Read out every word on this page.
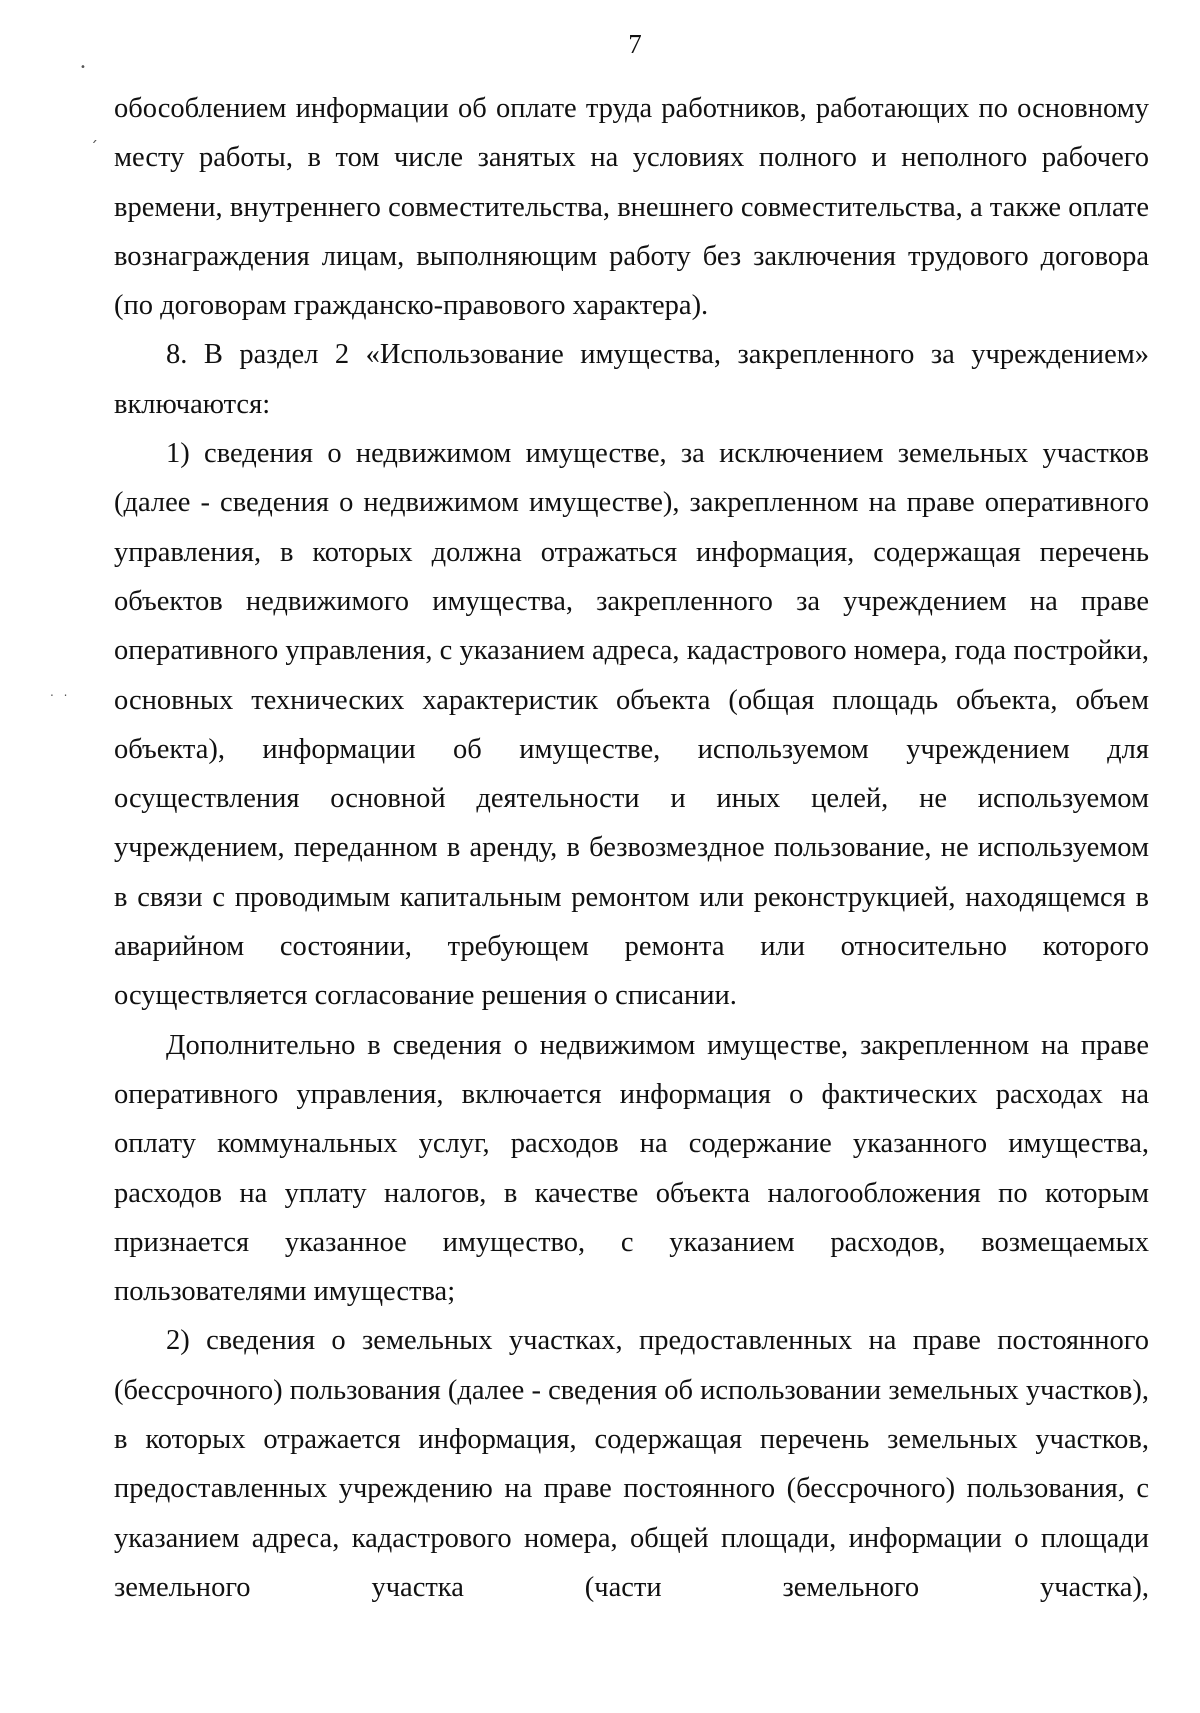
7
•
ˊ
. .

обособлением информации об оплате труда работников, работающих по основному месту работы, в том числе занятых на условиях полного и неполного рабочего времени, внутреннего совместительства, внешнего совместительства, а также оплате вознаграждения лицам, выполняющим работу без заключения трудового договора (по договорам гражданско-правового характера).

8. В раздел 2 «Использование имущества, закрепленного за учреждением» включаются:

1) сведения о недвижимом имуществе, за исключением земельных участков (далее - сведения о недвижимом имуществе), закрепленном на праве оперативного управления, в которых должна отражаться информация, содержащая перечень объектов недвижимого имущества, закрепленного за учреждением на праве оперативного управления, с указанием адреса, кадастрового номера, года постройки, основных технических характеристик объекта (общая площадь объекта, объем объекта), информации об имуществе, используемом учреждением для осуществления основной деятельности и иных целей, не используемом учреждением, переданном в аренду, в безвозмездное пользование, не используемом в связи с проводимым капитальным ремонтом или реконструкцией, находящемся в аварийном состоянии, требующем ремонта или относительно которого осуществляется согласование решения о списании.

Дополнительно в сведения о недвижимом имуществе, закрепленном на праве оперативного управления, включается информация о фактических расходах на оплату коммунальных услуг, расходов на содержание указанного имущества, расходов на уплату налогов, в качестве объекта налогообложения по которым признается указанное имущество, с указанием расходов, возмещаемых пользователями имущества;

2) сведения о земельных участках, предоставленных на праве постоянного (бессрочного) пользования (далее - сведения об использовании земельных участков), в которых отражается информация, содержащая перечень земельных участков, предоставленных учреждению на праве постоянного (бессрочного) пользования, с указанием адреса, кадастрового номера, общей площади, информации о площади земельного участка (части земельного участка),
